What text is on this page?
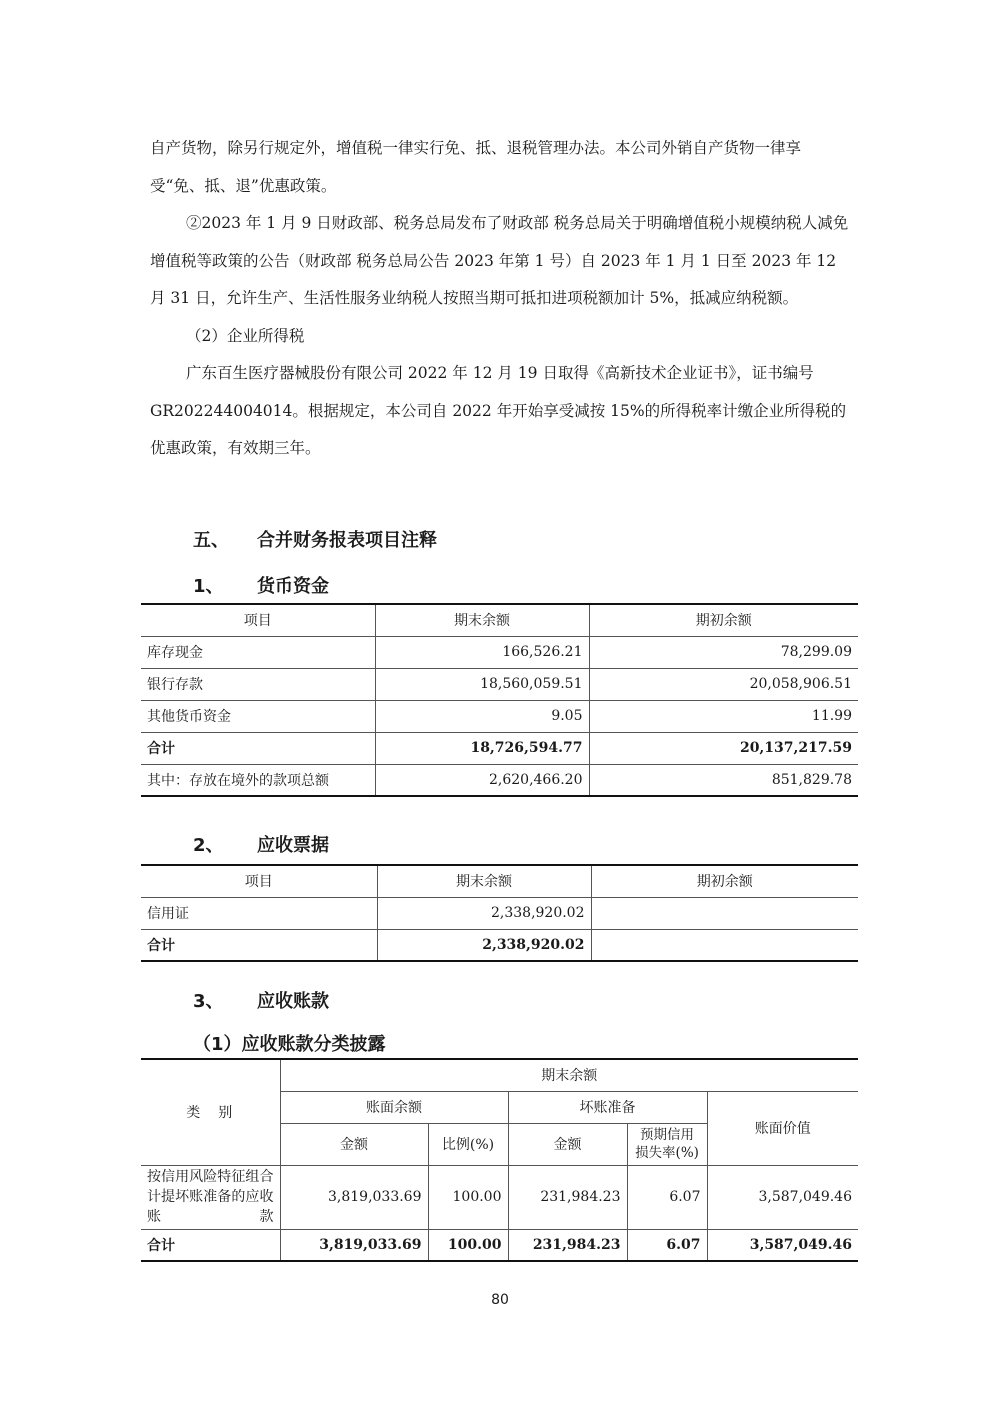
自产货物，除另行规定外，增值税一律实行免、抵、退税管理办法。本公司外销自产货物一律享受“免、抵、退”优惠政策。

②2023 年 1 月 9 日财政部、税务总局发布了财政部 税务总局关于明确增值税小规模纳税人减免增值税等政策的公告（财政部 税务总局公告 2023 年第 1 号）自 2023 年 1 月 1 日至 2023 年 12 月 31 日，允许生产、生活性服务业纳税人按照当期可抵扣进项税额加计 5%，抵减应纳税额。

（2）企业所得税

广东百生医疗器械股份有限公司 2022 年 12 月 19 日取得《高新技术企业证书》，证书编号 GR202244004014。根据规定，本公司自 2022 年开始享受减按 15%的所得税率计缴企业所得税的优惠政策，有效期三年。

五、 合并财务报表项目注释
1、 货币资金
项目	期末余额	期初余额
库存现金	166,526.21	78,299.09
银行存款	18,560,059.51	20,058,906.51
其他货币资金	9.05	11.99
合计	18,726,594.77	20,137,217.59
其中：存放在境外的款项总额	2,620,466.20	851,829.78
2、 应收票据
项目	期末余额	期初余额
信用证	2,338,920.02	
合计	2,338,920.02	
3、 应收账款
（1）应收账款分类披露
类　别	期末余额				
	账面余额		坏账准备		账面价值
	金额	比例(%)	金额	预期信用损失率(%)	
按信用风险特征组合计提坏账准备的应收账款	3,819,033.69	100.00	231,984.23	6.07	3,587,049.46
合计	3,819,033.69	100.00	231,984.23	6.07	3,587,049.46
80
